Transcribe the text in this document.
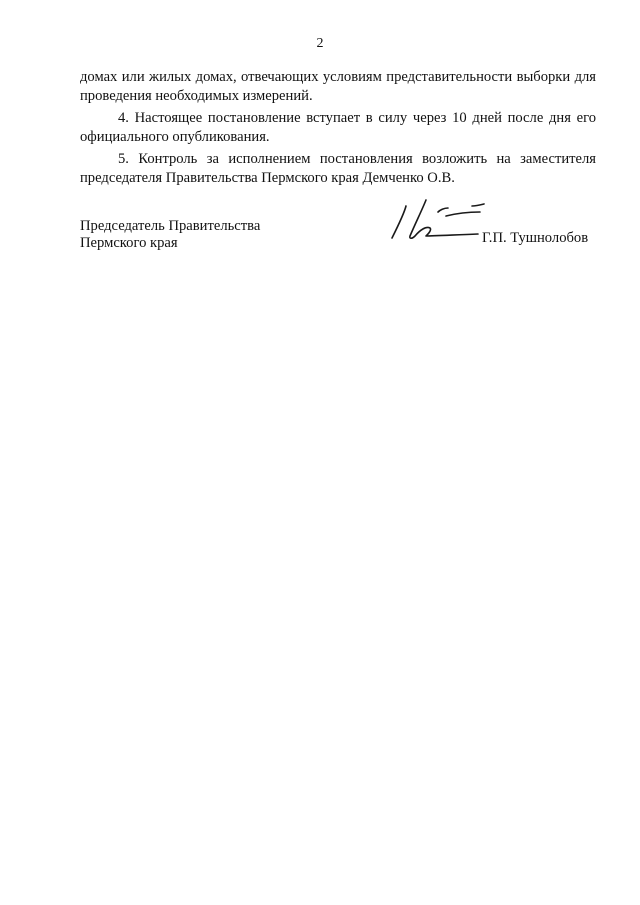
2

домах или жилых домах, отвечающих условиям представительности выборки для проведения необходимых измерений.

4. Настоящее постановление вступает в силу через 10 дней после дня его официального опубликования.

5. Контроль за исполнением постановления возложить на заместителя председателя Правительства Пермского края Демченко О.В.

Председатель Правительства
Пермского края	Г.П. Тушнолобов
